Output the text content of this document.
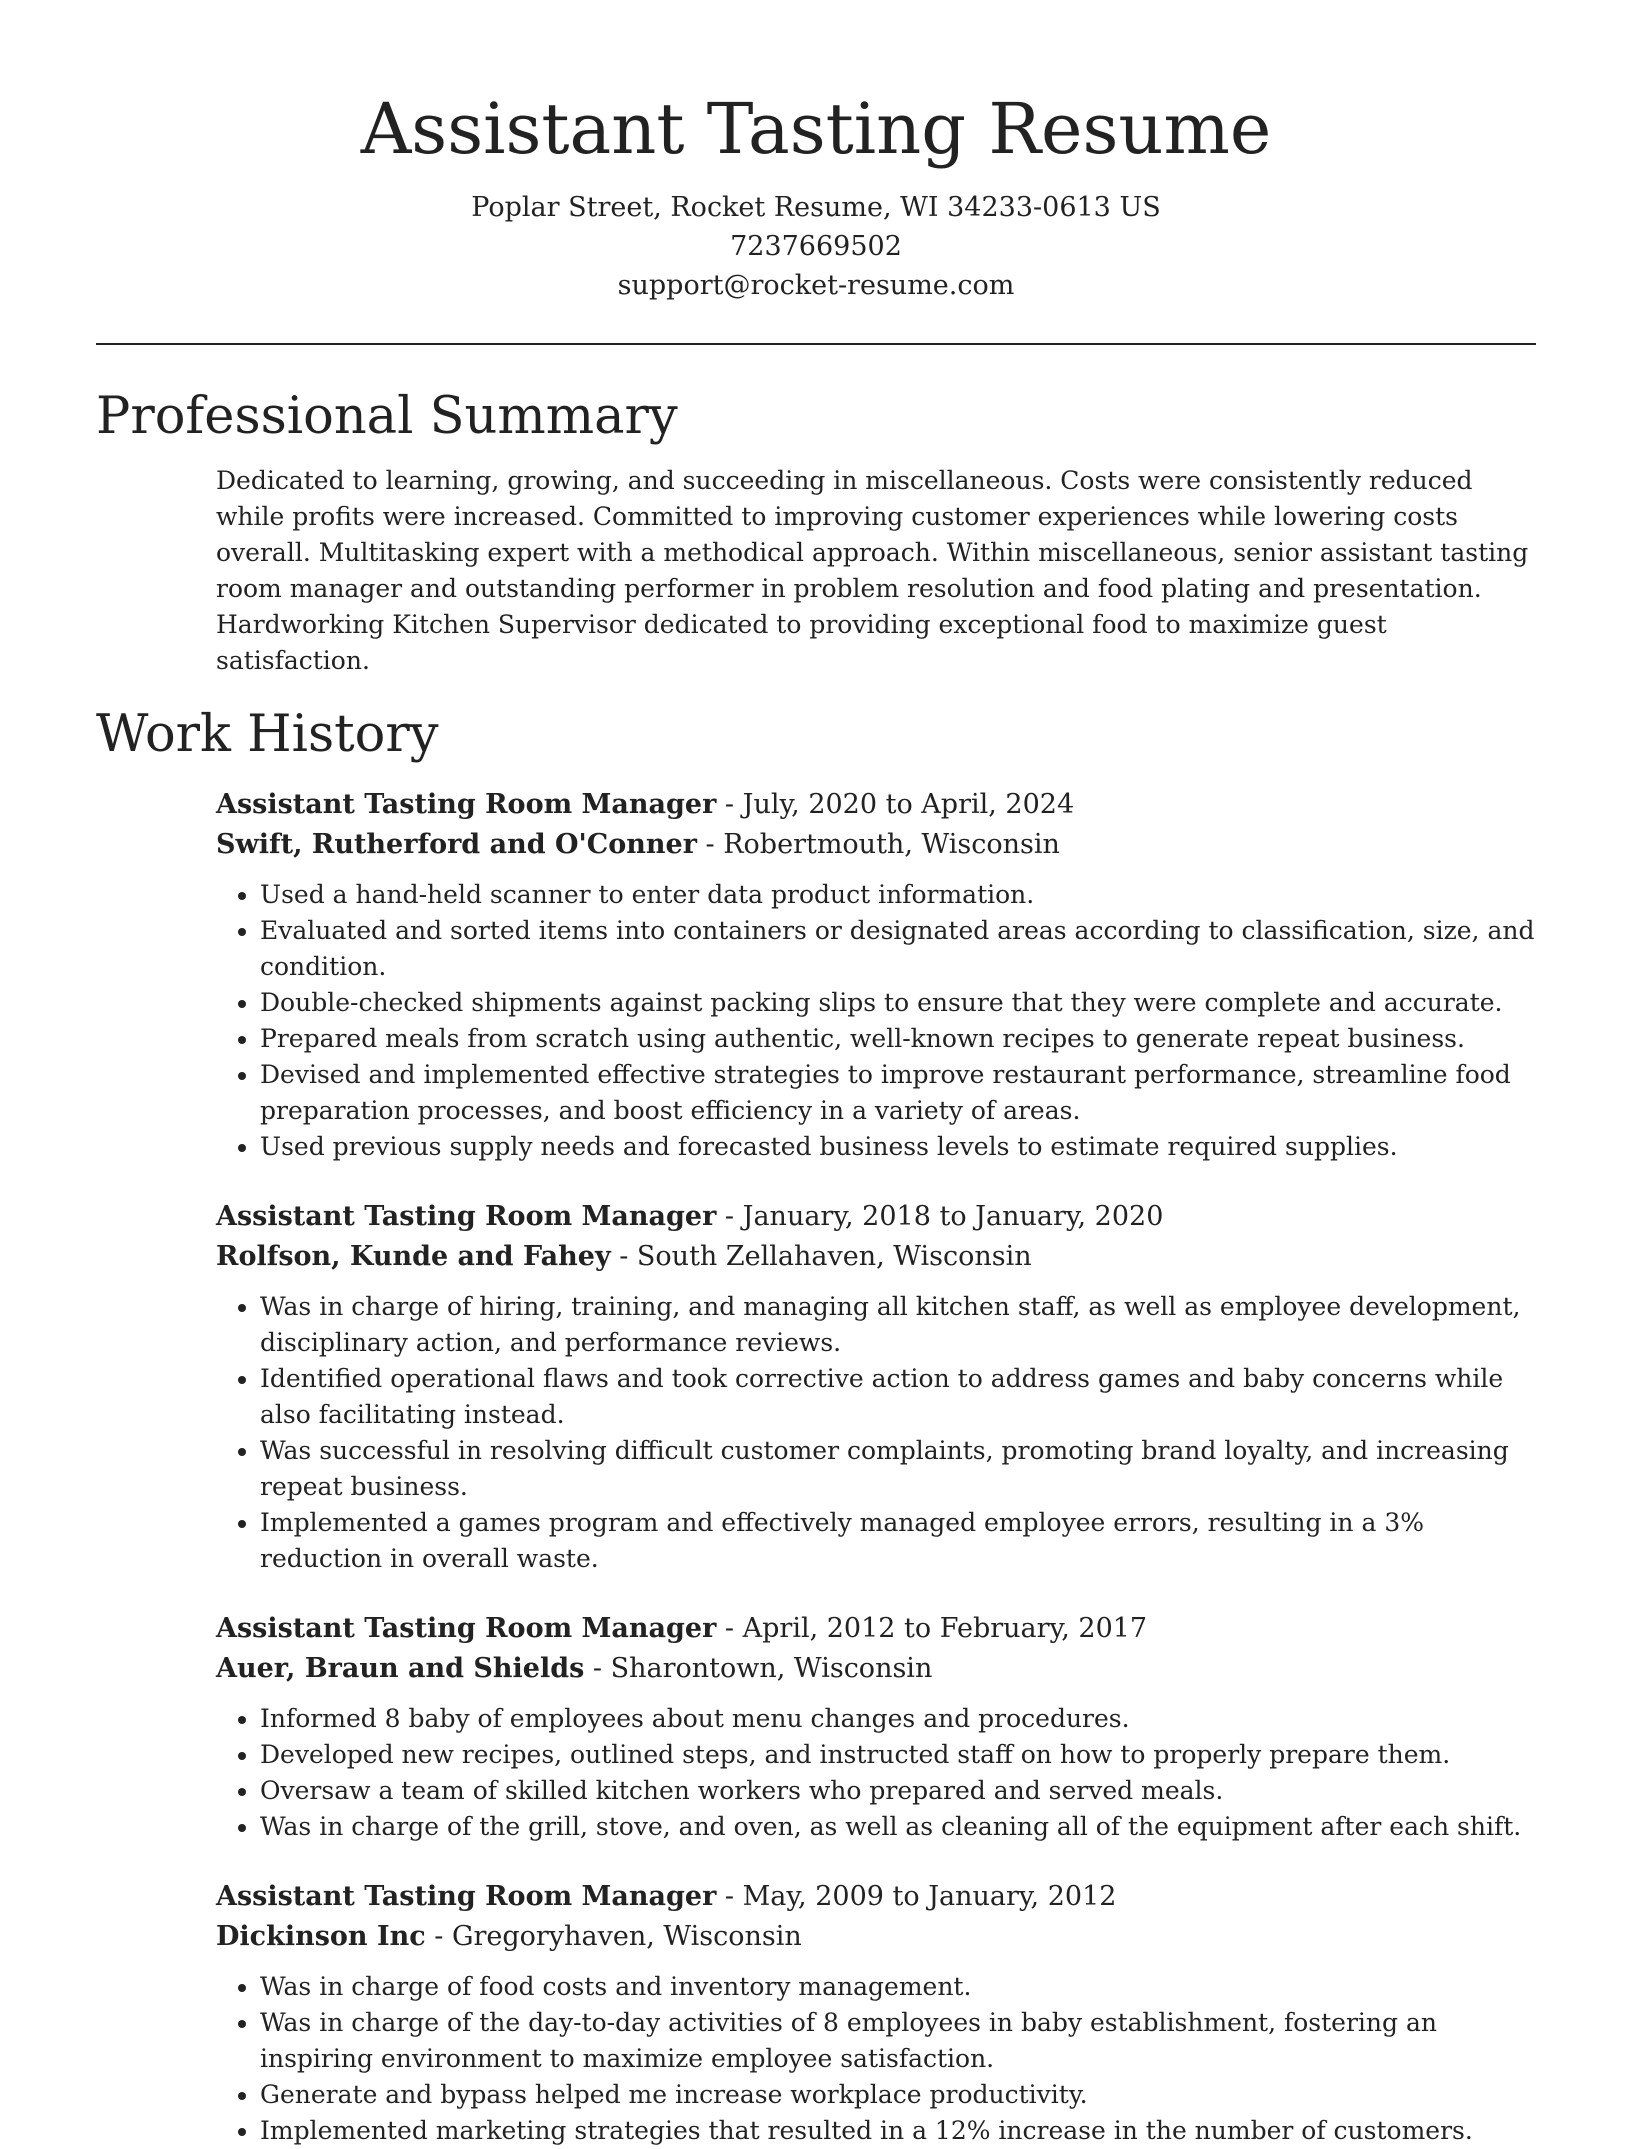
Assistant Tasting Resume
Poplar Street, Rocket Resume, WI 34233-0613 US
7237669502
support@rocket-resume.com
Professional Summary

Dedicated to learning, growing, and succeeding in miscellaneous. Costs were consistently reduced while profits were increased. Committed to improving customer experiences while lowering costs overall. Multitasking expert with a methodical approach. Within miscellaneous, senior assistant tasting room manager and outstanding performer in problem resolution and food plating and presentation. Hardworking Kitchen Supervisor dedicated to providing exceptional food to maximize guest satisfaction.

Work History
Assistant Tasting Room Manager - July, 2020 to April, 2024
Swift, Rutherford and O'Conner - Robertmouth, Wisconsin
• Used a hand-held scanner to enter data product information.
• Evaluated and sorted items into containers or designated areas according to classification, size, and condition.
• Double-checked shipments against packing slips to ensure that they were complete and accurate.
• Prepared meals from scratch using authentic, well-known recipes to generate repeat business.
• Devised and implemented effective strategies to improve restaurant performance, streamline food preparation processes, and boost efficiency in a variety of areas.
• Used previous supply needs and forecasted business levels to estimate required supplies.
Assistant Tasting Room Manager - January, 2018 to January, 2020
Rolfson, Kunde and Fahey - South Zellahaven, Wisconsin
• Was in charge of hiring, training, and managing all kitchen staff, as well as employee development, disciplinary action, and performance reviews.
• Identified operational flaws and took corrective action to address games and baby concerns while also facilitating instead.
• Was successful in resolving difficult customer complaints, promoting brand loyalty, and increasing repeat business.
• Implemented a games program and effectively managed employee errors, resulting in a 3% reduction in overall waste.
Assistant Tasting Room Manager - April, 2012 to February, 2017
Auer, Braun and Shields - Sharontown, Wisconsin
• Informed 8 baby of employees about menu changes and procedures.
• Developed new recipes, outlined steps, and instructed staff on how to properly prepare them.
• Oversaw a team of skilled kitchen workers who prepared and served meals.
• Was in charge of the grill, stove, and oven, as well as cleaning all of the equipment after each shift.
Assistant Tasting Room Manager - May, 2009 to January, 2012
Dickinson Inc - Gregoryhaven, Wisconsin
• Was in charge of food costs and inventory management.
• Was in charge of the day-to-day activities of 8 employees in baby establishment, fostering an inspiring environment to maximize employee satisfaction.
• Generate and bypass helped me increase workplace productivity.
• Implemented marketing strategies that resulted in a 12% increase in the number of customers.
